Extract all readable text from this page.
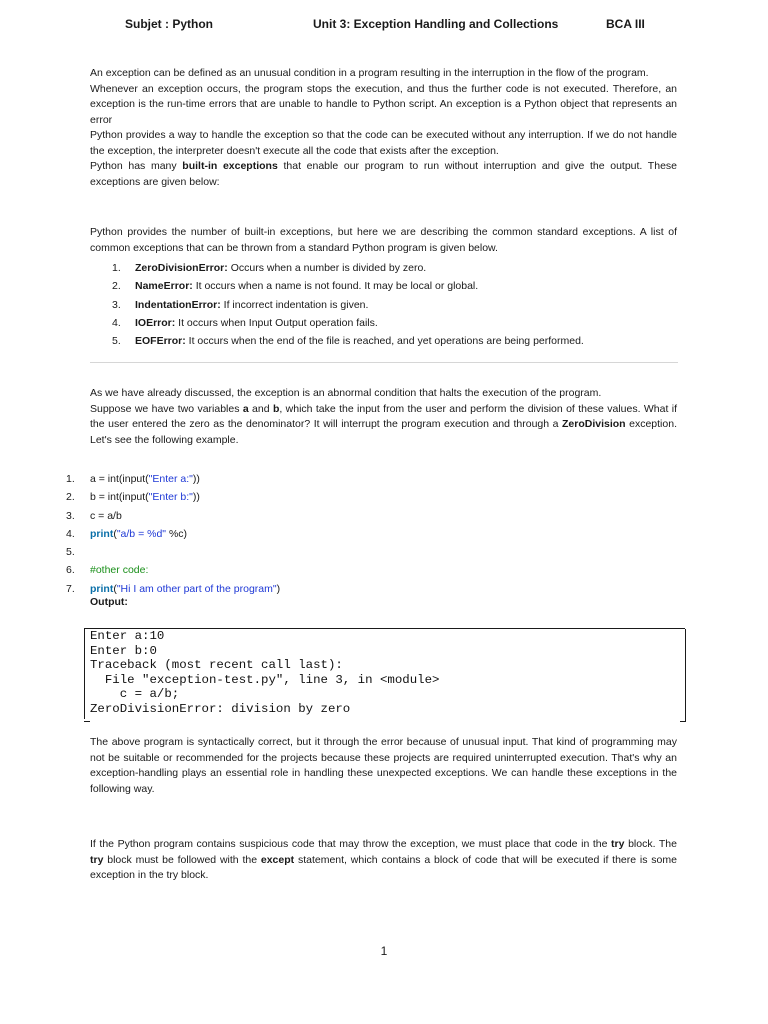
Subjet : Python	Unit 3: Exception Handling and Collections	BCA III
An exception can be defined as an unusual condition in a program resulting in the interruption in the flow of the program.
Whenever an exception occurs, the program stops the execution, and thus the further code is not executed. Therefore, an exception is the run-time errors that are unable to handle to Python script. An exception is a Python object that represents an error
Python provides a way to handle the exception so that the code can be executed without any interruption. If we do not handle the exception, the interpreter doesn't execute all the code that exists after the exception.
Python has many built-in exceptions that enable our program to run without interruption and give the output. These exceptions are given below:
Python provides the number of built-in exceptions, but here we are describing the common standard exceptions. A list of common exceptions that can be thrown from a standard Python program is given below.
1. ZeroDivisionError: Occurs when a number is divided by zero.
2. NameError: It occurs when a name is not found. It may be local or global.
3. IndentationError: If incorrect indentation is given.
4. IOError: It occurs when Input Output operation fails.
5. EOFError: It occurs when the end of the file is reached, and yet operations are being performed.
As we have already discussed, the exception is an abnormal condition that halts the execution of the program.
Suppose we have two variables a and b, which take the input from the user and perform the division of these values. What if the user entered the zero as the denominator? It will interrupt the program execution and through a ZeroDivision exception. Let's see the following example.
1. a = int(input("Enter a:"))
2. b = int(input("Enter b:"))
3. c = a/b
4. print("a/b = %d" %c)
5.
6. #other code:
7. print("Hi I am other part of the program")
Output:
Enter a:10
Enter b:0
Traceback (most recent call last):
File "exception-test.py", line 3, in <module>
c = a/b;
ZeroDivisionError: division by zero
The above program is syntactically correct, but it through the error because of unusual input. That kind of programming may not be suitable or recommended for the projects because these projects are required uninterrupted execution. That's why an exception-handling plays an essential role in handling these unexpected exceptions. We can handle these exceptions in the following way.
If the Python program contains suspicious code that may throw the exception, we must place that code in the try block. The try block must be followed with the except statement, which contains a block of code that will be executed if there is some exception in the try block.
1
